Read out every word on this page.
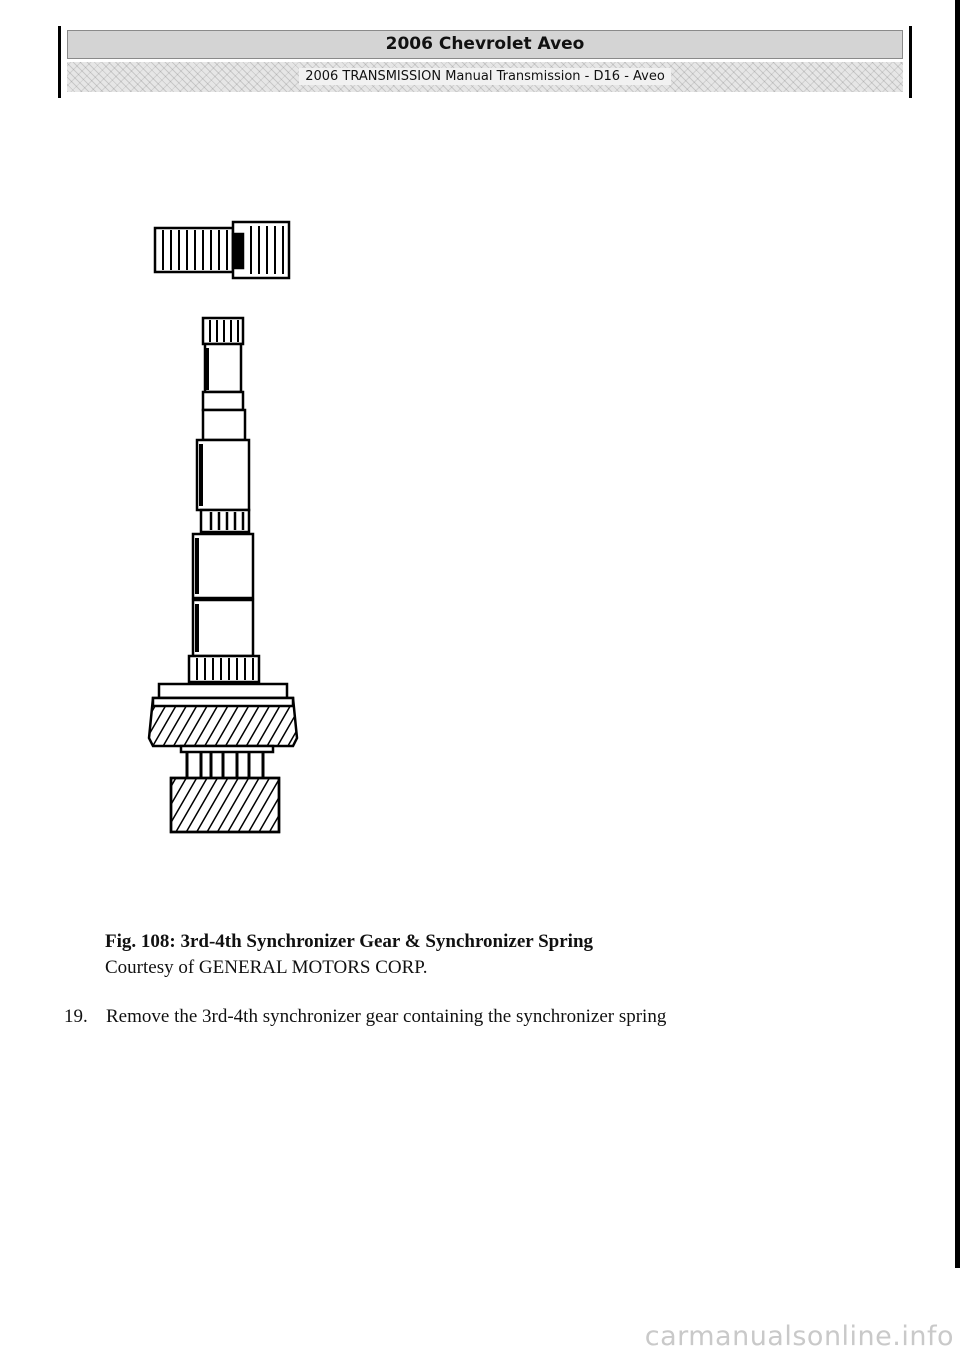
2006 Chevrolet Aveo
2006 TRANSMISSION Manual Transmission - D16 - Aveo
Fig. 108: 3rd-4th Synchronizer Gear & Synchronizer Spring
Courtesy of GENERAL MOTORS CORP.
19. Remove the 3rd-4th synchronizer gear containing the synchronizer spring
carmanualsonline.info
